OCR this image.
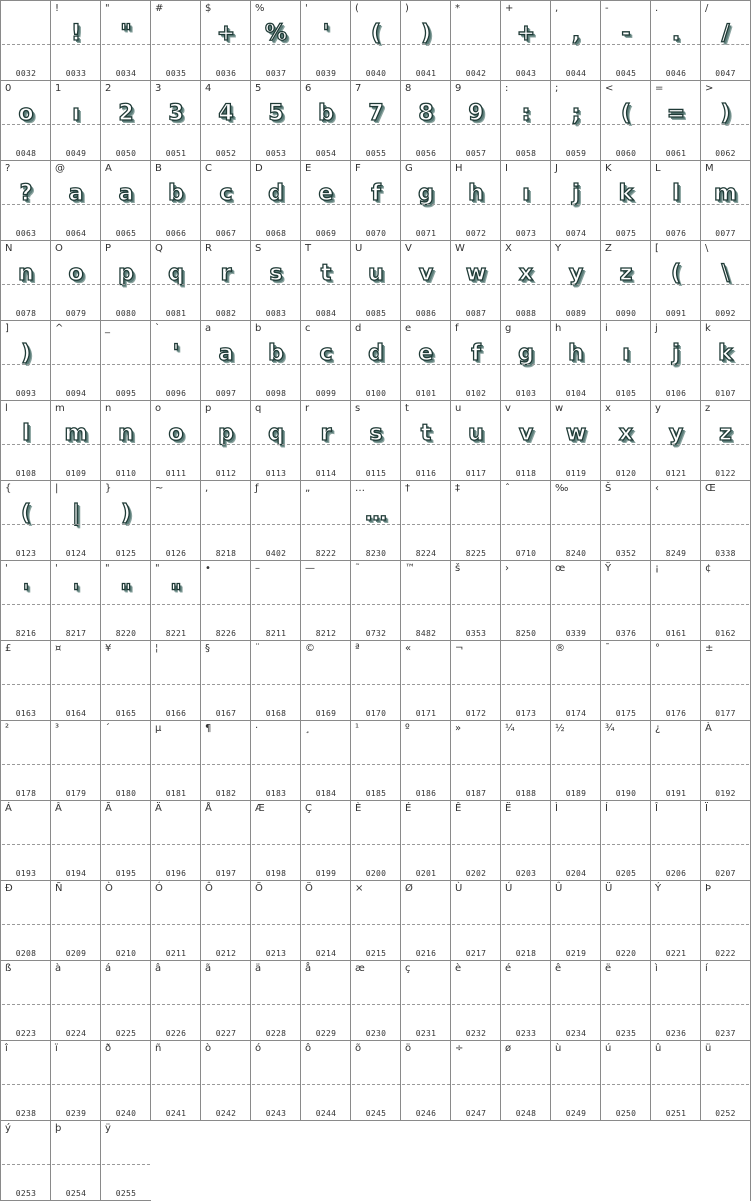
0032
!
!
0033
"
"
0034
#
0035
$
+
0036
%
%
0037
'
'
0039
(
(
0040
)
)
0041
*
0042
+
+
0043
,
,
0044
-
-
0045
.
.
0046
/
/
0047
0
o
0048
1
ı
0049
2
2
0050
3
3
0051
4
4
0052
5
5
0053
6
b
0054
7
7
0055
8
8
0056
9
9
0057
:
:
0058
;
;
0059
<
(
0060
=
=
0061
>
)
0062
?
?
0063
@
a
0064
A
a
0065
B
b
0066
C
c
0067
D
d
0068
E
e
0069
F
f
0070
G
g
0071
H
h
0072
I
ı
0073
J
j
0074
K
k
0075
L
l
0076
M
m
0077
N
n
0078
O
o
0079
P
p
0080
Q
q
0081
R
r
0082
S
s
0083
T
t
0084
U
u
0085
V
v
0086
W
w
0087
X
x
0088
Y
y
0089
Z
z
0090
[
(
0091
\
\
0092
]
)
0093
^
0094
_
0095
`
'
0096
a
a
0097
b
b
0098
c
c
0099
d
d
0100
e
e
0101
f
f
0102
g
g
0103
h
h
0104
i
ı
0105
j
j
0106
k
k
0107
l
l
0108
m
m
0109
n
n
0110
o
o
0111
p
p
0112
q
q
0113
r
r
0114
s
s
0115
t
t
0116
u
u
0117
v
v
0118
w
w
0119
x
x
0120
y
y
0121
z
z
0122
{
(
0123
|
|
0124
}
)
0125
~
0126
,
8218
ƒ
0402
„
8222
…
…
8230
†
8224
‡
8225
ˆ
0710
‰
8240
Š
0352
‹
8249
Œ
0338
'
'
8216
'
'
8217
"
"
8220
"
"
8221
•
8226
–
8211
—
8212
˜
0732
™
8482
š
0353
›
8250
œ
0339
Ÿ
0376
¡
0161
¢
0162
£
0163
¤
0164
¥
0165
¦
0166
§
0167
¨
0168
©
0169
ª
0170
«
0171
¬
0172	0173
®
0174
¯
0175
°
0176
±
0177
²
0178
³
0179
´
0180
µ
0181
¶
0182
·
0183
¸
0184
¹
0185
º
0186
»
0187
¼
0188
½
0189
¾
0190
¿
0191
À
0192
Á
0193
Â
0194
Ã
0195
Ä
0196
Å
0197
Æ
0198
Ç
0199
È
0200
É
0201
Ê
0202
Ë
0203
Ì
0204
Í
0205
Î
0206
Ï
0207
Ð
0208
Ñ
0209
Ò
0210
Ó
0211
Ô
0212
Õ
0213
Ö
0214
×
0215
Ø
0216
Ù
0217
Ú
0218
Û
0219
Ü
0220
Ý
0221
Þ
0222
ß
0223
à
0224
á
0225
â
0226
ã
0227
ä
0228
å
0229
æ
0230
ç
0231
è
0232
é
0233
ê
0234
ë
0235
ì
0236
í
0237
î
0238
ï
0239
ð
0240
ñ
0241
ò
0242
ó
0243
ô
0244
õ
0245
ö
0246
÷
0247
ø
0248
ù
0249
ú
0250
û
0251
ü
0252
ý
0253
þ
0254
ÿ
0255
